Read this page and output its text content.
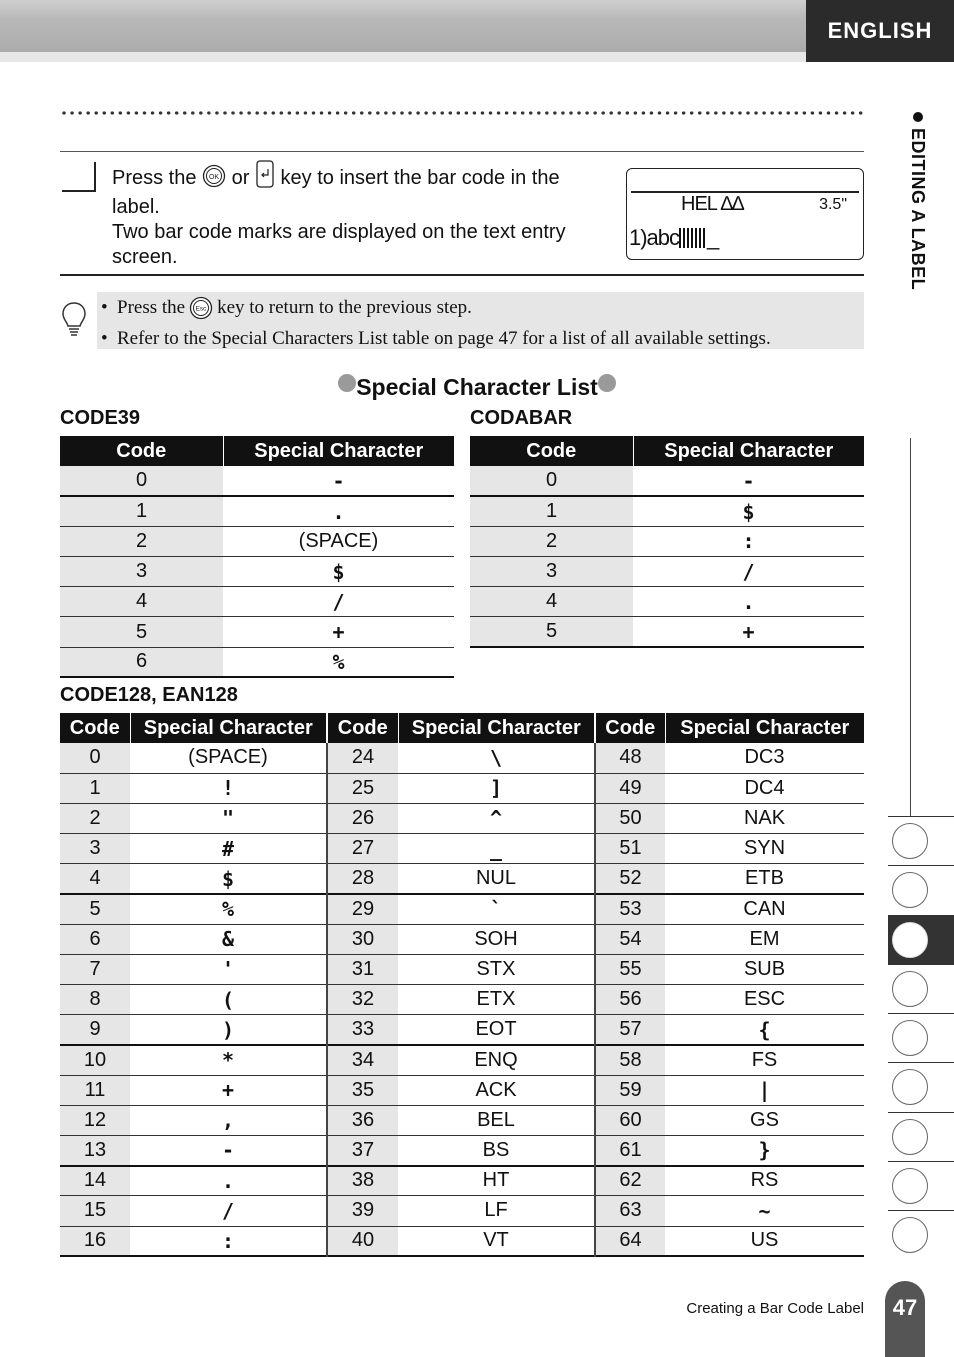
ENGLISH
Press the OK or key to insert the bar code in the
label.
Two bar code marks are displayed on the text entry
screen.
HEL ∆∆	3.5"
1)abc _
• Press the Esc key to return to the previous step.
• Refer to the Special Characters List table on page 47 for a list of all available settings.
Special Character List
CODE39	CODABAR
Code	Special Character
0	-
1	.
2	(SPACE)
3	$
4	/
5	+
6	%
Code	Special Character
0	-
1	$
2	:
3	/
4	.
5	+
CODE128, EAN128
Code	Special Character	Code	Special Character	Code	Special Character
0	(SPACE)	24	\	48	DC3
1	!	25	]	49	DC4
2	"	26	^	50	NAK
3	#	27	_	51	SYN
4	$	28	NUL	52	ETB
5	%	29	`	53	CAN
6	&	30	SOH	54	EM
7	'	31	STX	55	SUB
8	(	32	ETX	56	ESC
9	)	33	EOT	57	{
10	*	34	ENQ	58	FS
11	+	35	ACK	59	|
12	,	36	BEL	60	GS
13	-	37	BS	61	}
14	.	38	HT	62	RS
15	/	39	LF	63	~
16	:	40	VT	64	US
EDITING A LABEL
Creating a Bar Code Label	47
